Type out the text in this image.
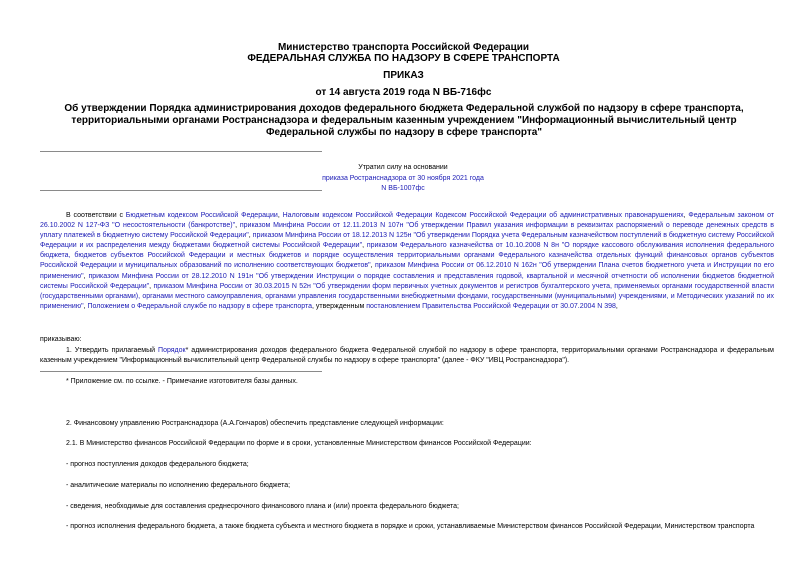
Министерство транспорта Российской Федерации
ФЕДЕРАЛЬНАЯ СЛУЖБА ПО НАДЗОРУ В СФЕРЕ ТРАНСПОРТА
ПРИКАЗ
от 14 августа 2019 года N ВБ-716фс
Об утверждении Порядка администрирования доходов федерального бюджета Федеральной службой по надзору в сфере транспорта, территориальными органами Ространснадзора и федеральным казенным учреждением "Информационный вычислительный центр Федеральной службы по надзору в сфере транспорта"
Утратил силу на основании
приказа Ространснадзора от 30 ноября 2021 года N ВБ-1007фс
В соответствии с Бюджетным кодексом Российской Федерации, Налоговым кодексом Российской Федерации Кодексом Российской Федерации об административных правонарушениях, Федеральным законом от 26.10.2002 N 127-ФЗ "О несостоятельности (банкротстве)", приказом Минфина России от 12.11.2013 N 107н "Об утверждении Правил указания информации в реквизитах распоряжений о переводе денежных средств в уплату платежей в бюджетную систему Российской Федерации", приказом Минфина России от 18.12.2013 N 125н "Об утверждении Порядка учета Федеральным казначейством поступлений в бюджетную систему Российской Федерации и их распределения между бюджетами бюджетной системы Российской Федерации", приказом Федерального казначейства от 10.10.2008 N 8н "О порядке кассового обслуживания исполнения федерального бюджета, бюджетов субъектов Российской Федерации и местных бюджетов и порядке осуществления территориальными органами Федерального казначейства отдельных функций финансовых органов субъектов Российской Федерации и муниципальных образований по исполнению соответствующих бюджетов", приказом Минфина России от 06.12.2010 N 162н "Об утверждении Плана счетов бюджетного учета и Инструкции по его применению", приказом Минфина России от 28.12.2010 N 191н "Об утверждении Инструкции о порядке составления и представления годовой, квартальной и месячной отчетности об исполнении бюджетов бюджетной системы Российской Федерации", приказом Минфина России от 30.03.2015 N 52н "Об утверждении форм первичных учетных документов и регистров бухгалтерского учета, применяемых органами государственной власти (государственными органами), органами местного самоуправления, органами управления государственными внебюджетными фондами, государственными (муниципальными) учреждениями, и Методических указаний по их применению", Положением о Федеральной службе по надзору в сфере транспорта, утвержденным постановлением Правительства Российской Федерации от 30.07.2004 N 398,
приказываю:
1. Утвердить прилагаемый Порядок* администрирования доходов федерального бюджета Федеральной службой по надзору в сфере транспорта, территориальными органами Ространснадзора и федеральным казенным учреждением "Информационный вычислительный центр Федеральной службы по надзору в сфере транспорта" (далее - ФКУ "ИВЦ Ространснадзора").
* Приложение см. по ссылке. - Примечание изготовителя базы данных.
2. Финансовому управлению Ространснадзора (А.А.Гончаров) обеспечить представление следующей информации:
2.1. В Министерство финансов Российской Федерации по форме и в сроки, установленные Министерством финансов Российской Федерации:
- прогноз поступления доходов федерального бюджета;
- аналитические материалы по исполнению федерального бюджета;
- сведения, необходимые для составления среднесрочного финансового плана и (или) проекта федерального бюджета;
- прогноз исполнения федерального бюджета, а также бюджета субъекта и местного бюджета в порядке и сроки, устанавливаемые Министерством финансов Российской Федерации, Министерством транспорта
